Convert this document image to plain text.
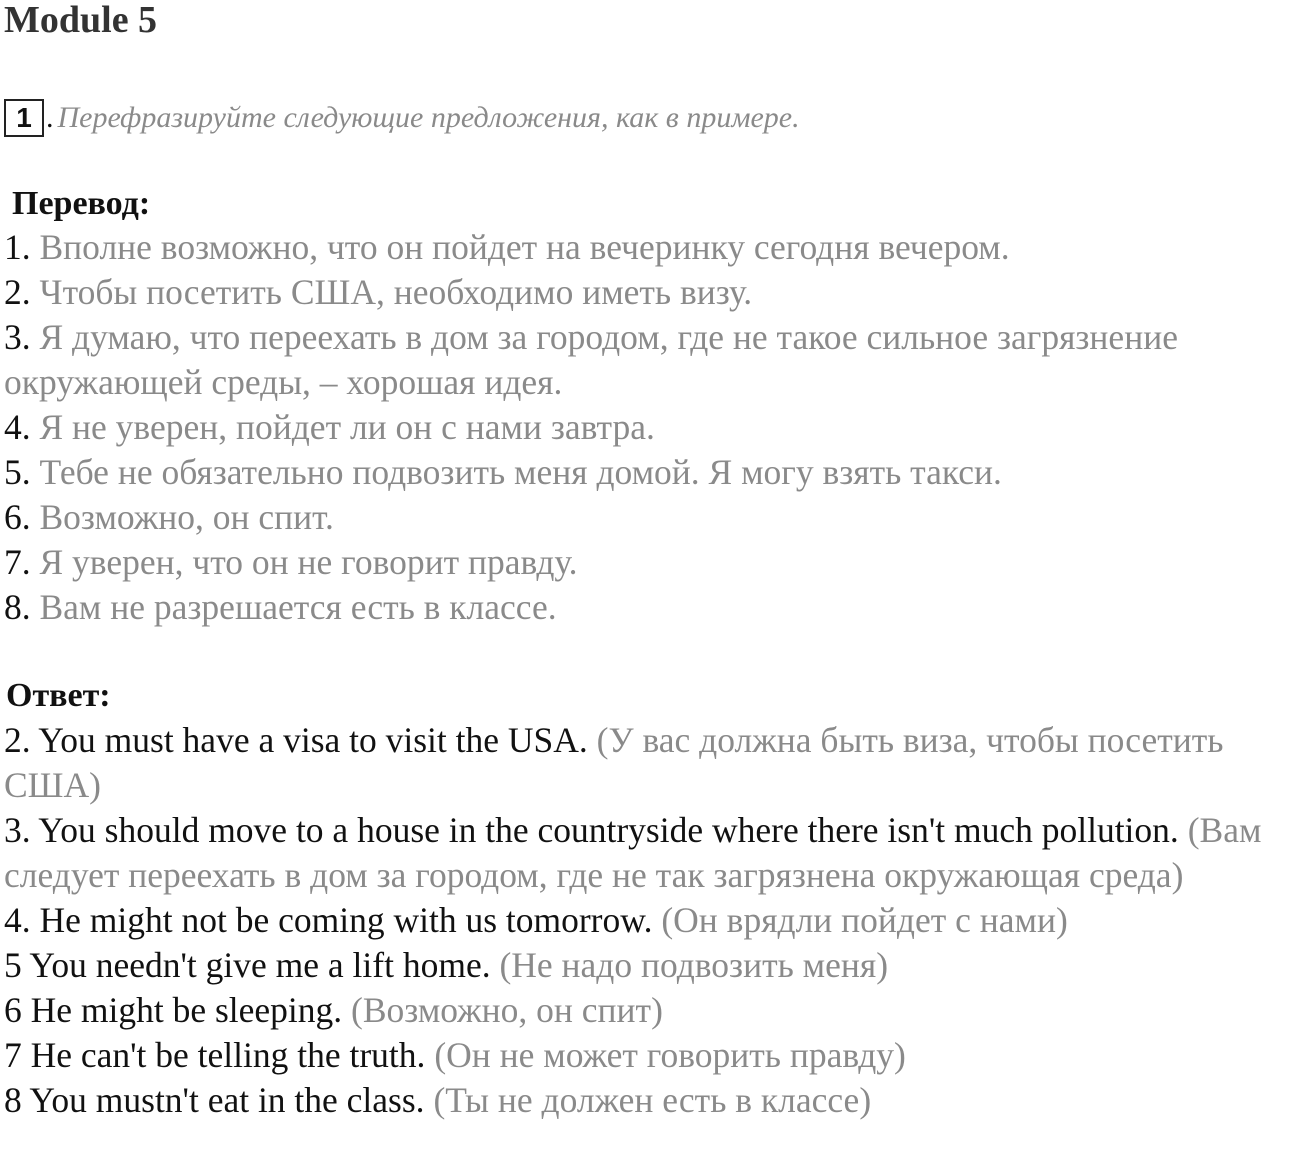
Module 5
1 . Перефразируйте следующие предложения, как в примере.
Перевод:
1. Вполне возможно, что он пойдет на вечеринку сегодня вечером.
2. Чтобы посетить США, необходимо иметь визу.
3. Я думаю, что переехать в дом за городом, где не такое сильное загрязнение окружающей среды, – хорошая идея.
4. Я не уверен, пойдет ли он с нами завтра.
5. Тебе не обязательно подвозить меня домой. Я могу взять такси.
6. Возможно, он спит.
7. Я уверен, что он не говорит правду.
8. Вам не разрешается есть в классе.
Ответ:
2. You must have a visa to visit the USA. (У вас должна быть виза, чтобы посетить США)
3. You should move to a house in the countryside where there isn't much pollution. (Вам следует переехать в дом за городом, где не так загрязнена окружающая среда)
4. He might not be coming with us tomorrow. (Он врядли пойдет с нами)
5 You needn't give me a lift home. (Не надо подвозить меня)
6 He might be sleeping. (Возможно, он спит)
7 He can't be telling the truth. (Он не может говорить правду)
8 You mustn't eat in the class. (Ты не должен есть в классе)
